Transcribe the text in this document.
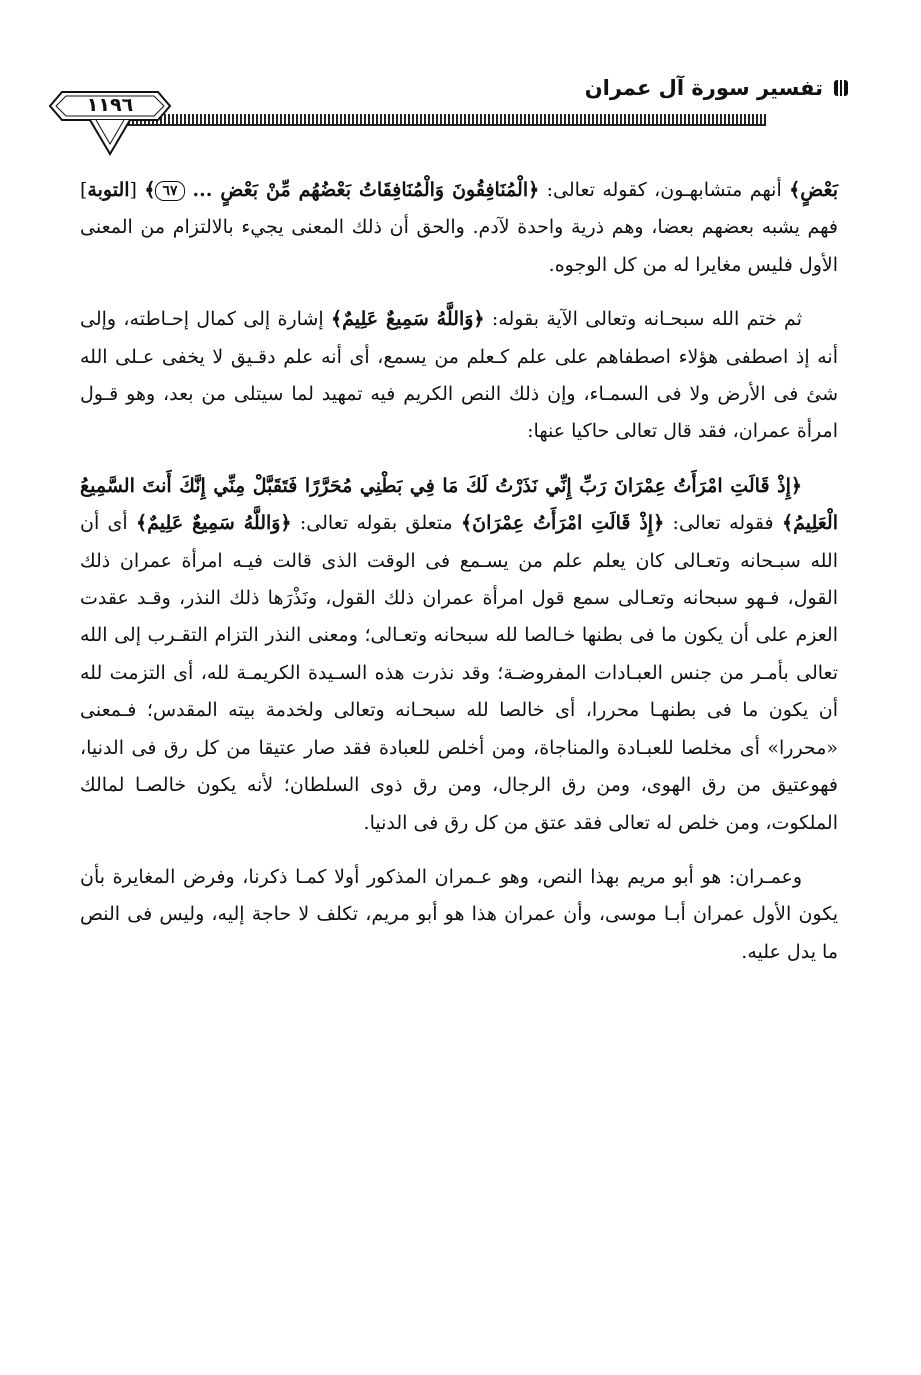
تفسير سورة آل عمران
١١٩٦

بَعْضٍ﴾ أنهم متشابهـون، كقوله تعالى: ﴿الْمُنَافِقُونَ وَالْمُنَافِقَاتُ بَعْضُهُم مِّنْ بَعْضٍ ... ٦٧﴾ [التوبة] فهم يشبه بعضهم بعضا، وهم ذرية واحدة لآدم. والحق أن ذلك المعنى يجيء بالالتزام من المعنى الأول فليس مغايرا له من كل الوجوه.

ثم ختم الله سبحـانه وتعالى الآية بقوله: ﴿وَاللَّهُ سَمِيعٌ عَلِيمٌ﴾ إشارة إلى كمال إحـاطته، وإلى أنه إذ اصطفى هؤلاء اصطفاهم على علم كـعلم من يسمع، أى أنه علم دقـيق لا يخفى عـلى الله شئ فى الأرض ولا فى السمـاء، وإن ذلك النص الكريم فيه تمهيد لما سيتلى من بعد، وهو قـول امرأة عمران، فقد قال تعالى حاكيا عنها:

﴿إِذْ قَالَتِ امْرَأَتُ عِمْرَانَ رَبِّ إِنِّي نَذَرْتُ لَكَ مَا فِي بَطْنِي مُحَرَّرًا فَتَقَبَّلْ مِنِّي إِنَّكَ أَنتَ السَّمِيعُ الْعَلِيمُ﴾ فقوله تعالى: ﴿إِذْ قَالَتِ امْرَأَتُ عِمْرَانَ﴾ متعلق بقوله تعالى: ﴿وَاللَّهُ سَمِيعٌ عَلِيمٌ﴾ أى أن الله سبـحانه وتعـالى كان يعلم علم من يسـمع فى الوقت الذى قالت فيـه امرأة عمران ذلك القول، فـهو سبحانه وتعـالى سمع قول امرأة عمران ذلك القول، ونَذْرَها ذلك النذر، وقـد عقدت العزم على أن يكون ما فى بطنها خـالصا لله سبحانه وتعـالى؛ ومعنى النذر التزام التقـرب إلى الله تعالى بأمـر من جنس العبـادات المفروضـة؛ وقد نذرت هذه السـيدة الكريمـة لله، أى التزمت لله أن يكون ما فى بطنهـا محررا، أى خالصا لله سبحـانه وتعالى ولخدمة بيته المقدس؛ فـمعنى «محررا» أى مخلصا للعبـادة والمناجاة، ومن أخلص للعبادة فقد صار عتيقا من كل رق فى الدنيا، فهوعتيق من رق الهوى، ومن رق الرجال، ومن رق ذوى السلطان؛ لأنه يكون خالصـا لمالك الملكوت، ومن خلص له تعالى فقد عتق من كل رق فى الدنيا.

وعمـران: هو أبو مريم بهذا النص، وهو عـمران المذكور أولا كمـا ذكرنا، وفرض المغايرة بأن يكون الأول عمران أبـا موسى، وأن عمران هذا هو أبو مريم، تكلف لا حاجة إليه، وليس فى النص ما يدل عليه.
